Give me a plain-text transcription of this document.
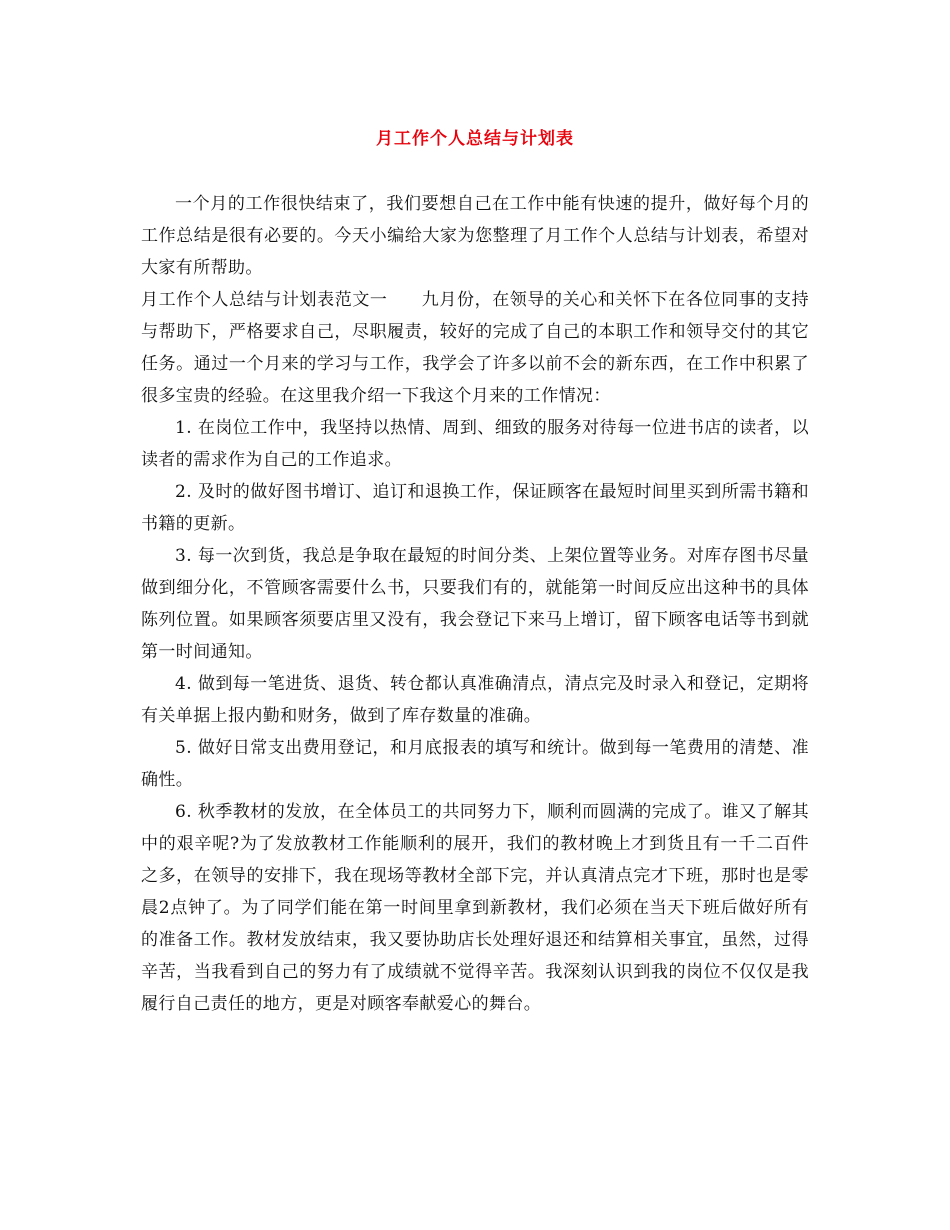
月工作个人总结与计划表

一个月的工作很快结束了，我们要想自己在工作中能有快速的提升，做好每个月的工作总结是很有必要的。今天小编给大家为您整理了月工作个人总结与计划表，希望对大家有所帮助。

月工作个人总结与计划表范文一 九月份，在领导的关心和关怀下在各位同事的支持与帮助下，严格要求自己，尽职履责，较好的完成了自己的本职工作和领导交付的其它任务。通过一个月来的学习与工作，我学会了许多以前不会的新东西，在工作中积累了很多宝贵的经验。在这里我介绍一下我这个月来的工作情况：

1. 在岗位工作中，我坚持以热情、周到、细致的服务对待每一位进书店的读者，以读者的需求作为自己的工作追求。

2. 及时的做好图书增订、追订和退换工作，保证顾客在最短时间里买到所需书籍和书籍的更新。

3. 每一次到货，我总是争取在最短的时间分类、上架位置等业务。对库存图书尽量做到细分化，不管顾客需要什么书，只要我们有的，就能第一时间反应出这种书的具体陈列位置。如果顾客须要店里又没有，我会登记下来马上增订，留下顾客电话等书到就第一时间通知。

4. 做到每一笔进货、退货、转仓都认真准确清点，清点完及时录入和登记，定期将有关单据上报内勤和财务，做到了库存数量的准确。

5. 做好日常支出费用登记，和月底报表的填写和统计。做到每一笔费用的清楚、准确性。

6. 秋季教材的发放，在全体员工的共同努力下，顺利而圆满的完成了。谁又了解其中的艰辛呢?为了发放教材工作能顺利的展开，我们的教材晚上才到货且有一千二百件之多，在领导的安排下，我在现场等教材全部下完，并认真清点完才下班，那时也是零晨2点钟了。为了同学们能在第一时间里拿到新教材，我们必须在当天下班后做好所有的准备工作。教材发放结束，我又要协助店长处理好退还和结算相关事宜，虽然，过得辛苦，当我看到自己的努力有了成绩就不觉得辛苦。我深刻认识到我的岗位不仅仅是我履行自己责任的地方，更是对顾客奉献爱心的舞台。
